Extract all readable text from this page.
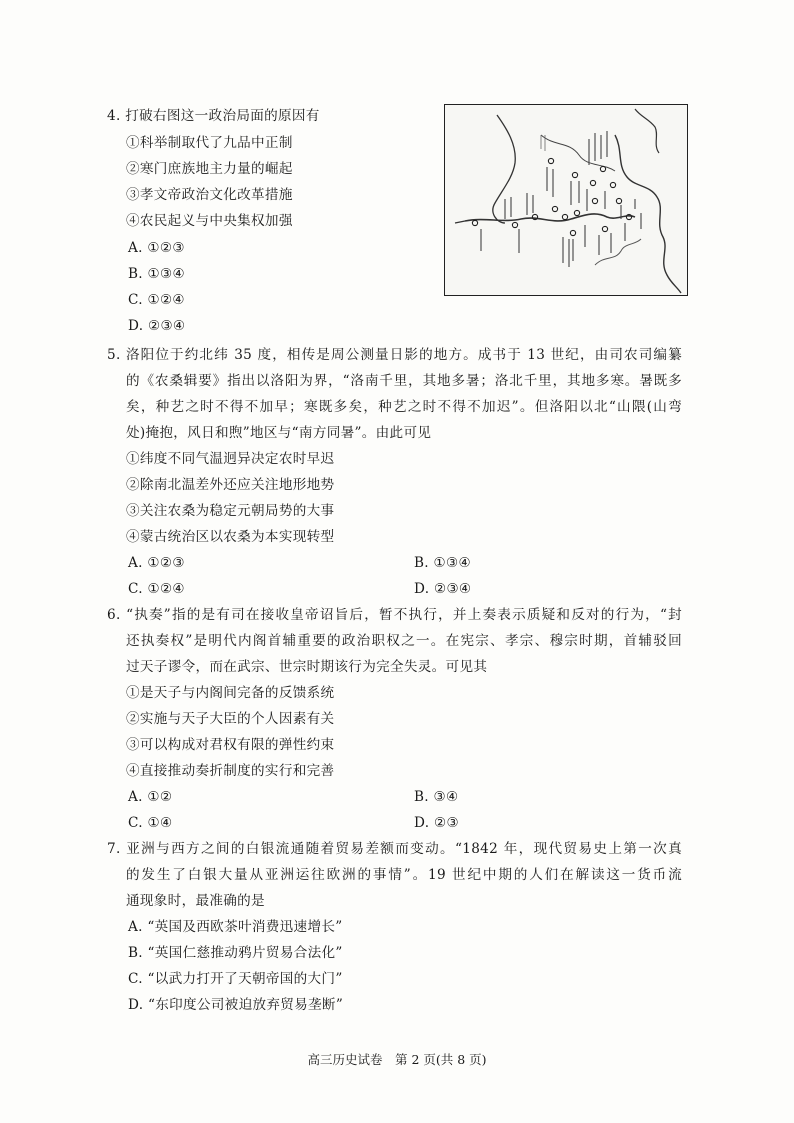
4. 打破右图这一政治局面的原因有
①科举制取代了九品中正制
②寒门庶族地主力量的崛起
③孝文帝政治文化改革措施
④农民起义与中央集权加强
A. ①②③
B. ①③④
C. ①②④
D. ②③④
5. 洛阳位于约北纬 35 度，相传是周公测量日影的地方。成书于 13 世纪，由司农司编纂
的《农桑辑要》指出以洛阳为界，“洛南千里，其地多暑；洛北千里，其地多寒。暑既多
矣，种艺之时不得不加早；寒既多矣，种艺之时不得不加迟”。但洛阳以北“山隈(山弯
处)掩抱，风日和煦”地区与“南方同暑”。由此可见
①纬度不同气温迥异决定农时早迟
②除南北温差外还应关注地形地势
③关注农桑为稳定元朝局势的大事
④蒙古统治区以农桑为本实现转型
A. ①②③	B. ①③④
C. ①②④	D. ②③④
6. “执奏”指的是有司在接收皇帝诏旨后，暂不执行，并上奏表示质疑和反对的行为，“封
还执奏权”是明代内阁首辅重要的政治职权之一。在宪宗、孝宗、穆宗时期，首辅驳回
过天子谬令，而在武宗、世宗时期该行为完全失灵。可见其
①是天子与内阁间完备的反馈系统
②实施与天子大臣的个人因素有关
③可以构成对君权有限的弹性约束
④直接推动奏折制度的实行和完善
A. ①②	B. ③④
C. ①④	D. ②③
7. 亚洲与西方之间的白银流通随着贸易差额而变动。“1842 年，现代贸易史上第一次真
的发生了白银大量从亚洲运往欧洲的事情”。19 世纪中期的人们在解读这一货币流
通现象时，最准确的是
A. “英国及西欧茶叶消费迅速增长”
B. “英国仁慈推动鸦片贸易合法化”
C. “以武力打开了天朝帝国的大门”
D. “东印度公司被迫放弃贸易垄断”
高三历史试卷　第 2 页(共 8 页)
